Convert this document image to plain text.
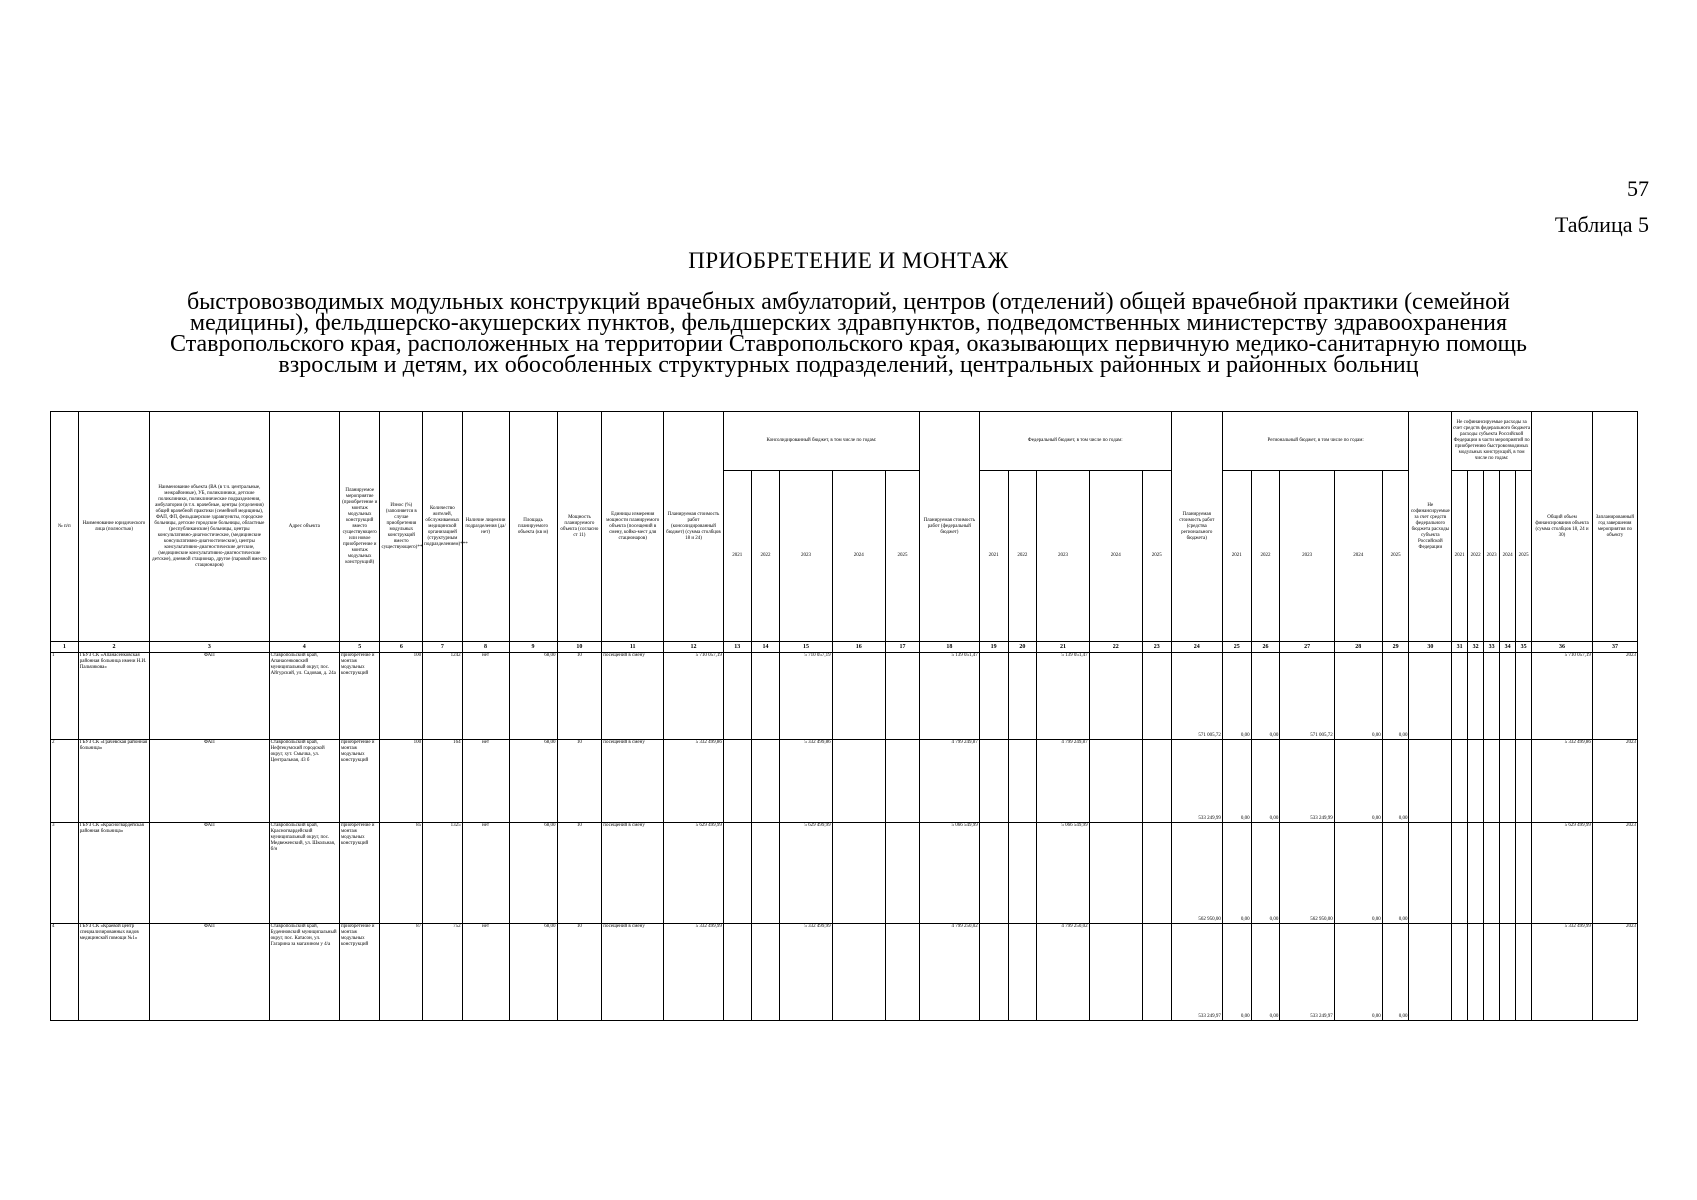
57
Таблица 5
ПРИОБРЕТЕНИЕ И МОНТАЖ
быстровозводимых модульных конструкций врачебных амбулаторий, центров (отделений) общей врачебной практики (семейной
медицины), фельдшерско-акушерских пунктов, фельдшерских здравпунктов, подведомственных министерству здравоохранения
Ставропольского края, расположенных на территории Ставропольского края, оказывающих первичную медико-санитарную помощь
взрослым и детям, их обособленных структурных подразделений, центральных районных и районных больниц
№ п/п	Наименование юридического лица (полностью)	Наименование объекта (ВА (в т.ч. центральные, межрайонные), УБ, поликлиники, детские поликлиники, поликлинические подразделения, амбулатории (в т.ч. врачебные, центры (отделения) общей врачебной практики (семейной медицины), ФАП, ФП, фельдшерские здравпункты, городские больницы, детские городские больницы, областные (республиканские) больницы, центры консультативно-диагностические, (медицинские консультативно-диагностические), центры консультативно-диагностические детские, (медицинские консультативно-диагностические детские), дневной стационар, другое (паровой вместо стационаров)	Адрес объекта	Планируемое мероприятие (приобретение и монтаж модульных конструкций вместо существующего или новое приобретение и монтаж модульных конструкций)	Износ (%) (заполняется в случае приобретения модульных конструкций вместо существующего)**	Количество жителей, обслуживаемых медицинской организацией (структурным подразделением)***	Наличие лицензии подразделения (да/нет)	Площадь планируемого объекта (кв м)	Мощность планируемого объекта (согласно ст 11)	Единицы измерения мощности планируемого объекта (посещений в смену, койко-мест для стационаров)	Планируемая стоимость работ (консолидированный бюджет) (сумма столбцов 18 и 24)	Консолидированный бюджет, в том числе по годам:					Планируемая стоимость работ (федеральный бюджет)	Федеральный бюджет, в том числе по годам:					Планируемая стоимость работ (средства регионального бюджета)	Региональный бюджет, в том числе по годам:					Не софинансируемые за счет средств федерального бюджета расходы субъекта Российской Федерации	Не софинансируемые расходы за счет средств федерального бюджета расходы субъекта Российской Федерации в части мероприятий по приобретению быстровозводимых модульных конструкций, в том числе по годам:					Общий объем финансирования объекта (сумма столбцов 18, 24 и 30)	Запланированный год завершения мероприятия по объекту
												2021	2022	2023	2024	2025		2021	2022	2023	2024	2025		2021	2022	2023	2024	2025		2021	2022	2023	2024	2025		
1	2	3	4	5	6	7	8	9	10	11	12	13	14	15	16	17	18	19	20	21	22	23	24	25	26	27	28	29	30	31	32	33	34	35	36	37
1	ГБУЗ СК «Апанасенковская районная больница имени Н.И. Пальчикова»	ФАП	Ставропольский край, Апанасенковский муниципальный округ, пос. Айгурский, ул. Садовая, д. 24а	приобретение и монтаж модульных конструкций	100	1242	нет	68,00	10	посещений в смену	5 710 057,19			5 710 057,19			5 139 051,47			5 139 051,47			571 005,72	0,00	0,00	571 005,72	0,00	0,00							5 710 057,19	2023
2	ГБУЗ СК «Грачёвская районная больница»	ФАП	Ставропольский край, Нефтекумский городской округ, хут. Смычка, ул. Центральная, 43 б	приобретение и монтаж модульных конструкций	100	164	нет	68,00	10	посещений в смену	5 332 499,86			5 332 499,86			4 799 249,87			4 799 249,87			533 249,99	0,00	0,00	533 249,99	0,00	0,00							5 332 499,86	2023
3	ГБУЗ СК «Красногвардейская районная больница»	ФАП	Ставропольский край, Красногвардейский муниципальный округ, пос. Медвеженский, ул. Школьная, б/н	приобретение и монтаж модульных конструкций	85	1325	нет	68,00	10	посещений в смену	5 629 499,99			5 629 499,99			5 066 549,99			5 066 549,99			562 950,00	0,00	0,00	562 950,00	0,00	0,00							5 629 499,99	2023
4	ГБУЗ СК «Краевой центр специализированных видов медицинской помощи №1»	ФАП	Ставропольский край, Буденновский муниципальный округ, пос. Катасон, ул. Гагарина за магазином у 4/а	приобретение и монтаж модульных конструкций	87	752	нет	68,00	10	посещений в смену	5 332 499,99			5 332 499,99			4 799 250,02			4 799 250,02			533 249,97	0,00	0,00	533 249,97	0,00	0,00							5 332 499,99	2023
